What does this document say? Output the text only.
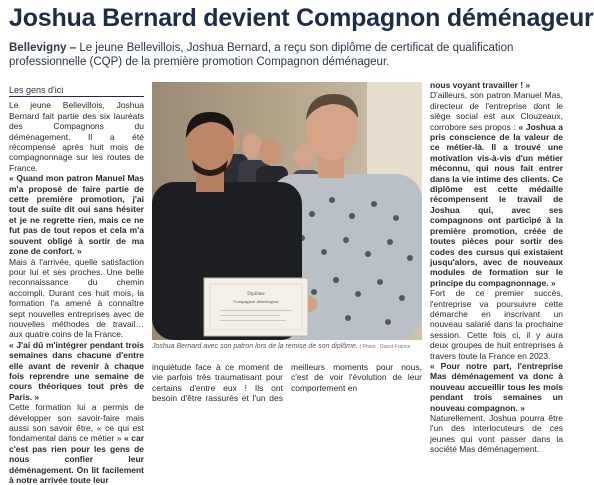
Joshua Bernard devient Compagnon déménageur
Bellevigny – Le jeune Bellevillois, Joshua Bernard, a reçu son diplôme de certificat de qualification professionnelle (CQP) de la première promotion Compagnon déménageur.
Les gens d'ici

Le jeune Bellevillois, Joshua Bernard fait partie des six lauréats des Compagnons du déménagement. Il a été récompensé après huit mois de compagnonnage sur les routes de France.

« Quand mon patron Manuel Mas m'a proposé de faire partie de cette première promotion, j'ai tout de suite dit oui sans hésiter et je ne regrette rien, mais ce ne fut pas de tout repos et cela m'a souvent obligé à sortir de ma zone de confort. »

Mais à l'arrivée, quelle satisfaction pour lui et ses proches. Une belle reconnaissance du chemin accompli. Durant ces huit mois, la formation l'a amené à connaître sept nouvelles entreprises avec de nouvelles méthodes de travail… aux quatre coins de la France.

« J'ai dû m'intégrer pendant trois semaines dans chacune d'entre elle avant de revenir à chaque fois reprendre une semaine de cours théoriques tout près de Paris. »

Cette formation lui a permis de développer son savoir-faire mais aussi son savoir être, « ce qui est fondamental dans ce métier » « car c'est pas rien pour les gens de nous confier leur déménagement. On lit facilement à notre arrivée toute leur

Diplôme
Compagnon déménageur
Joshua Bernard avec son patron lors de la remise de son diplôme. | Photo : Ouest-France

inquiétude face à ce moment de vie parfois très traumatisant pour certains d'entre eux ! Ils ont besoin d'être rassurés et l'un des meilleurs moments pour nous, c'est de voir l'évolution de leur comportement en

nous voyant travailler ! »

D'ailleurs, son patron Manuel Mas, directeur de l'entreprise dont le siège social est aux Clouzeaux, corrobore ses propos : « Joshua a pris conscience de la valeur de ce métier-là. Il a trouvé une motivation vis-à-vis d'un métier méconnu, qui nous fait entrer dans la vie intime des clients. Ce diplôme est cette médaille récompensent le travail de Joshua qui, avec ses compagnons ont participé à la première promotion, créée de toutes pièces pour sortir des codes des cursus qui existaient jusqu'alors, avec de nouveaux modules de formation sur le principe du compagnonnage. »

Fort de ce premier succès, l'entreprise va poursuivre cette démarche en inscrivant un nouveau salarié dans la prochaine session. Cette fois ci, il y aura deux groupes de huit entreprises à travers toute la France en 2023.

« Pour notre part, l'entreprise Mas déménagement va donc à nouveau accueillir tous les mois pendant trois semaines un nouveau compagnon. »

Naturellement, Joshua pourra être l'un des interlocuteurs de ces jeunes qui vont passer dans la société Mas déménagement.
